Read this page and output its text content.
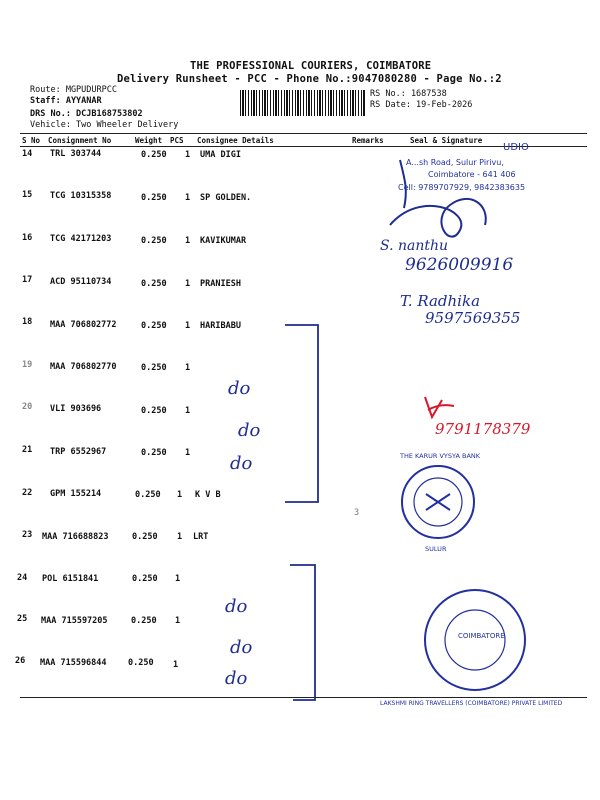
THE PROFESSIONAL COURIERS, COIMBATORE
Delivery Runsheet - PCC - Phone No.:9047080280 - Page No.:2
Route: MGPUDURPCC
Staff: AYYANAR
DRS No.: DCJB168753802
Vehicle: Two Wheeler Delivery
RS No.: 1687538
RS Date: 19-Feb-2026
S No Consignment No	Weight PCS Consignee Details	Remarks	Seal & Signature
14 TRL 303744	0.250 1 UMA DIGI
15 TCG 10315358	0.250 1 SP GOLDEN.
16 TCG 42171203	0.250 1 KAVIKUMAR
17 ACD 95110734	0.250 1 PRANIESH
18 MAA 706802772	0.250 1 HARIBABU
19 MAA 706802770	0.250 1
20 VLI 903696	0.250 1
21 TRP 6552967	0.250 1
22 GPM 155214	0.250 1 K V B
23 MAA 716688823	0.250 1 LRT
24 POL 6151841	0.250 1
25 MAA 715597205	0.250 1
26 MAA 715596844	0.250 1
UDIO
A...sh Road, Sulur Pirivu,
Coimbatore - 641 406
Cell: 9789707929, 9842383635
S. nanthu
9626009916
T. Radhika
9597569355
9791178379
do
do
do
do
do
do
THE KARUR VYSYA BANK
SULUR
LAKSHMI RING TRAVELLERS (COIMBATORE) PRIVATE LIMITED
COIMBATORE
3
